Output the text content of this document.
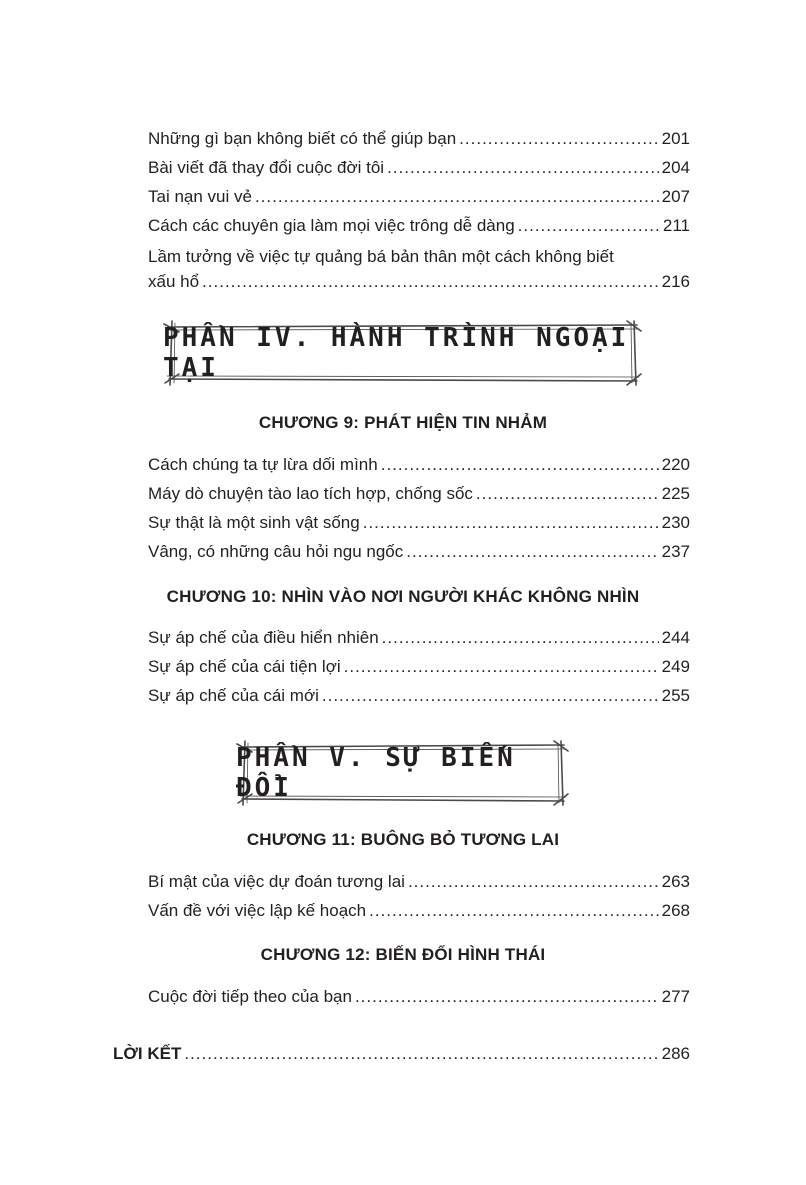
Những gì bạn không biết có thể giúp bạn .....	201
Bài viết đã thay đổi cuộc đời tôi .....	204
Tai nạn vui vẻ .....	207
Cách các chuyên gia làm mọi việc trông dễ dàng .....	211
Lầm tưởng về việc tự quảng bá bản thân một cách không biết
xấu hổ .....	216
PHẦN IV. HÀNH TRÌNH NGOẠI TẠI
CHƯƠNG 9: PHÁT HIỆN TIN NHẢM
Cách chúng ta tự lừa dối mình .....	220
Máy dò chuyện tào lao tích hợp, chống sốc .....	225
Sự thật là một sinh vật sống .....	230
Vâng, có những câu hỏi ngu ngốc .....	237
CHƯƠNG 10: NHÌN VÀO NƠI NGƯỜI KHÁC KHÔNG NHÌN
Sự áp chế của điều hiển nhiên .....	244
Sự áp chế của cái tiện lợi .....	249
Sự áp chế của cái mới .....	255
PHẦN V. SỰ BIẾN ĐỔI
CHƯƠNG 11: BUÔNG BỎ TƯƠNG LAI
Bí mật của việc dự đoán tương lai .....	263
Vấn đề với việc lập kế hoạch .....	268
CHƯƠNG 12: BIẾN ĐỔI HÌNH THÁI
Cuộc đời tiếp theo của bạn .....	277
LỜI KẾT .....	286
